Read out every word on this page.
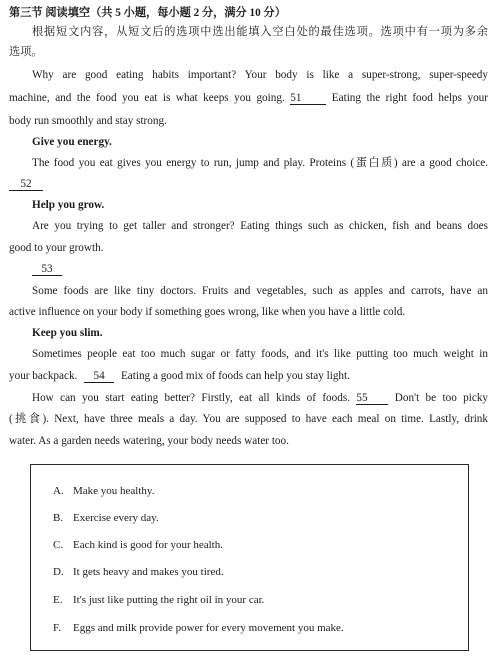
第三节 阅读填空（共 5 小题，每小题 2 分，满分 10 分）
根据短文内容，从短文后的选项中选出能填入空白处的最佳选项。选项中有一项为多余
选项。
Why are good eating habits important? Your body is like a super-strong, super-speedy
machine, and the food you eat is what keeps you going. 51	Eating the right food helps your
body run smoothly and stay strong.
Give you energy.
The food you eat gives you energy to run, jump and play. Proteins (蛋白质) are a good choice.
52
Help you grow.
Are you trying to get taller and stronger? Eating things such as chicken, fish and beans does
good to your growth.
53
Some foods are like tiny doctors. Fruits and vegetables, such as apples and carrots, have an
active influence on your body if something goes wrong, like when you have a little cold.
Keep you slim.
Sometimes people eat too much sugar or fatty foods, and it's like putting too much weight in
your backpack. 54 Eating a good mix of foods can help you stay light.
How can you start eating better? Firstly, eat all kinds of foods. 55 Don't be too picky
(挑食). Next, have three meals a day. You are supposed to have each meal on time. Lastly, drink
water. As a garden needs watering, your body needs water too.
A. Make you healthy.
B. Exercise every day.
C. Each kind is good for your health.
D. It gets heavy and makes you tired.
E. It's just like putting the right oil in your car.
F. Eggs and milk provide power for every movement you make.
